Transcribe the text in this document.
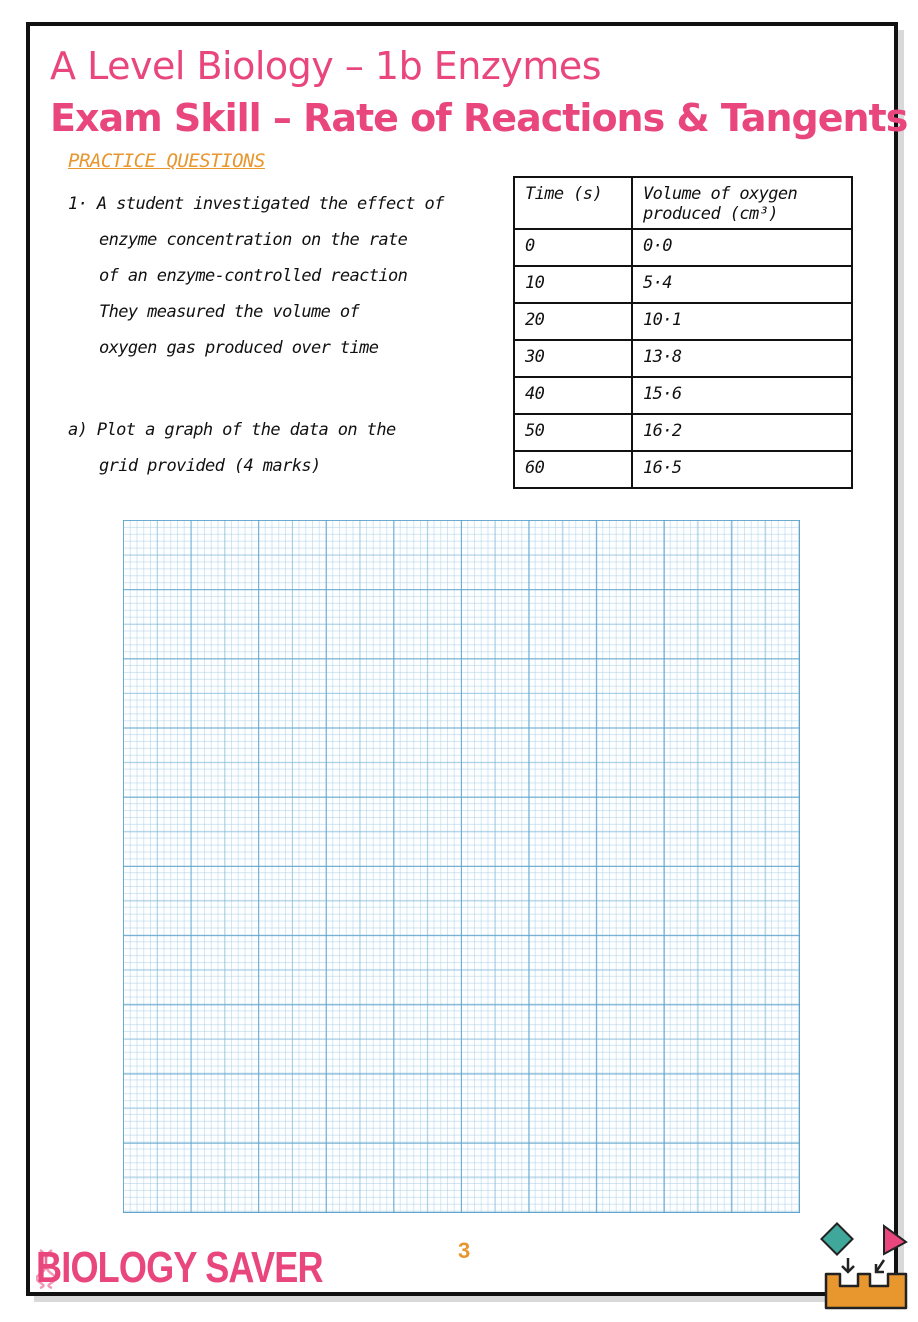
A Level Biology – 1b Enzymes
Exam Skill – Rate of Reactions & Tangents
PRACTICE QUESTIONS
1· A student investigated the effect of
enzyme concentration on the rate
of an enzyme-controlled reaction
They measured the volume of
oxygen gas produced over time
a) Plot a graph of the data on the
grid provided (4 marks)
Time (s)	Volume of oxygen
produced (cm³)

0	0·0
10	5·4
20	10·1
30	13·8
40	15·6
50	16·2
60	16·5
BIOLOGY SAVER	3
